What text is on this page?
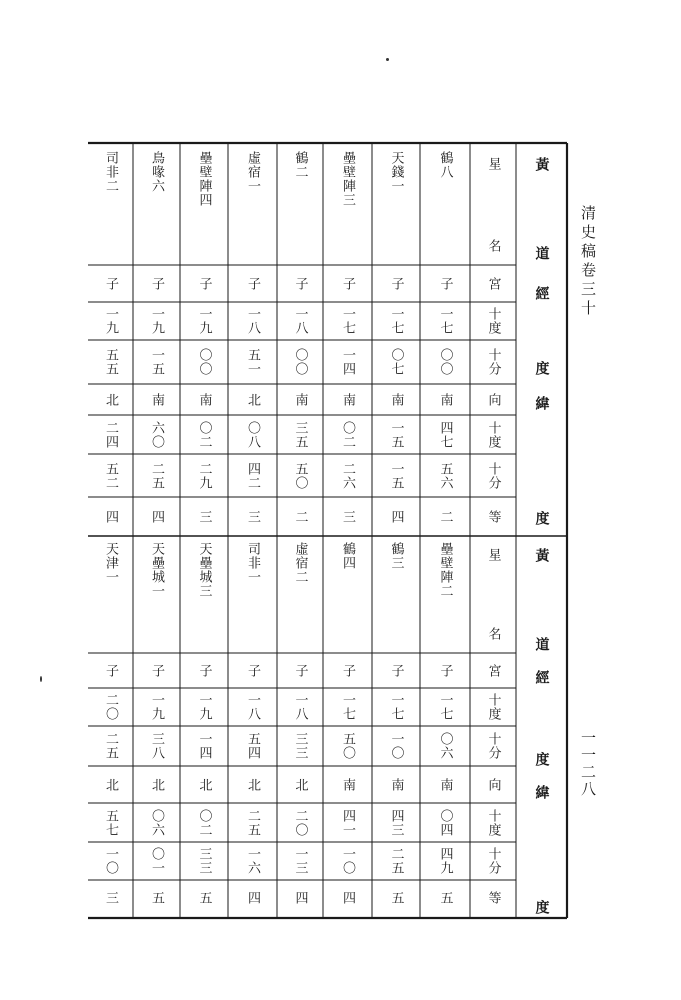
清史稿卷三十
一一二八
星
名
宮
十度
十分
向
十度
十分
等
鶴八
子
一七
〇〇
南
四七
五六
二
天錢一
子
一七
〇七
南
一五
一五
四
壘壁陣三
子
一七
一四
南
〇二
二六
三
鶴二
子
一八
〇〇
南
三五
五〇
二
虛宿一
子
一八
五一
北
〇八
四二
三
壘壁陣四
子
一九
〇〇
南
〇二
二九
三
鳥喙六
子
一九
一五
南
六〇
二五
四
司非二
子
一九
五五
北
二四
五二
四
黃
道
經
度
緯
度
星
名
宮
十度
十分
向
十度
十分
等
壘壁陣二
子
一七
〇六
南
〇四
四九
五
鶴三
子
一七
一〇
南
四三
二五
五
鶴四
子
一七
五〇
南
四一
一〇
四
虛宿二
子
一八
三三
北
二〇
一三
四
司非一
子
一八
五四
北
二五
一六
四
天壘城三
子
一九
一四
北
〇二
三三
五
天壘城一
子
一九
三八
北
〇六
〇一
五
天津一
子
二〇
二五
北
五七
一〇
三
黃
道
經
度
緯
度
